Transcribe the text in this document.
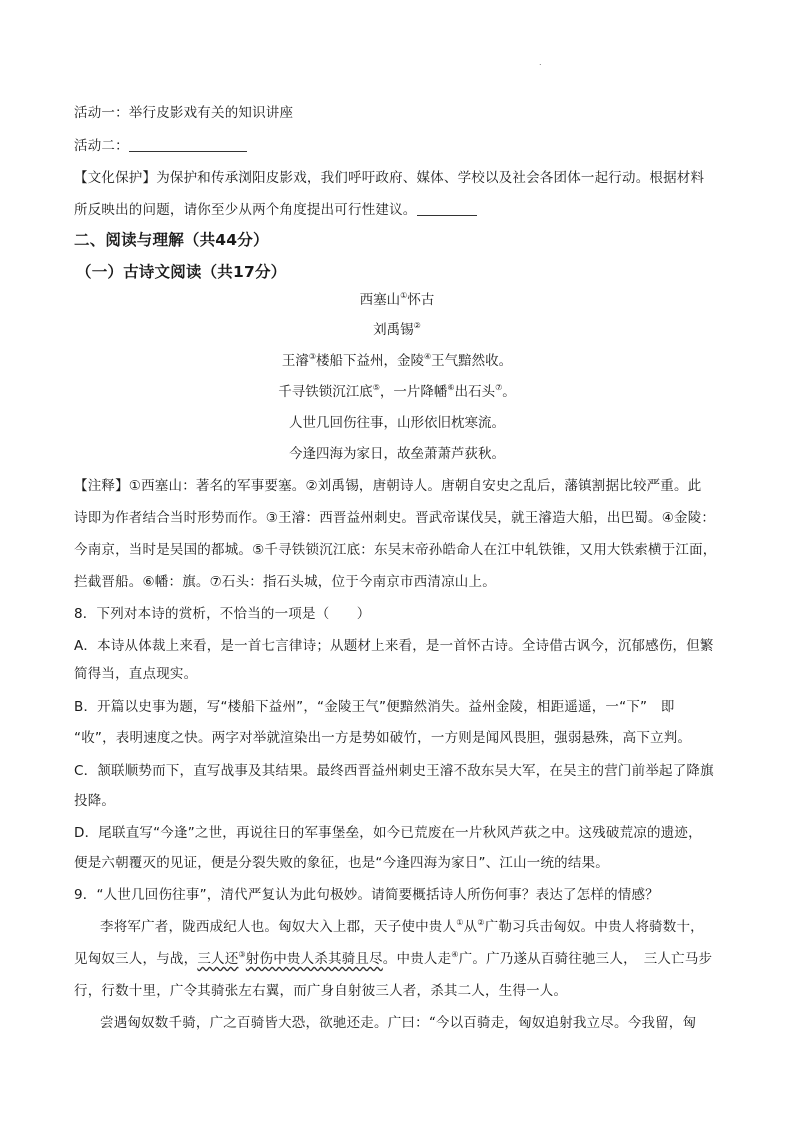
.
活动一：举行皮影戏有关的知识讲座
活动二：
【文化保护】为保护和传承浏阳皮影戏，我们呼吁政府、媒体、学校以及社会各团体一起行动。根据材料
所反映出的问题，请你至少从两个角度提出可行性建议。
二、阅读与理解（共44分）
（一）古诗文阅读（共17分）
西塞山①怀古
刘禹锡②
王濬③楼船下益州，金陵④王气黯然收。
千寻铁锁沉江底⑤，一片降幡⑥出石头⑦。
人世几回伤往事，山形依旧枕寒流。
今逢四海为家日，故垒萧萧芦荻秋。
【注释】①西塞山：著名的军事要塞。②刘禹锡，唐朝诗人。唐朝自安史之乱后，藩镇割据比较严重。此
诗即为作者结合当时形势而作。③王濬：西晋益州刺史。晋武帝谋伐吴，就王濬造大船，出巴蜀。④金陵：
今南京，当时是吴国的都城。⑤千寻铁锁沉江底：东吴末帝孙皓命人在江中轧铁锥，又用大铁索横于江面，
拦截晋船。⑥幡：旗。⑦石头：指石头城，位于今南京市西清凉山上。
8．下列对本诗的赏析，不恰当的一项是（　　）
A．本诗从体裁上来看，是一首七言律诗；从题材上来看，是一首怀古诗。全诗借古讽今，沉郁感伤，但繁
简得当，直点现实。
B．开篇以史事为题，写“楼船下益州”，“金陵王气”便黯然消失。益州金陵，相距遥遥，一“下”　即
“收”，表明速度之快。两字对举就渲染出一方是势如破竹，一方则是闻风畏胆，强弱悬殊，高下立判。
C．颔联顺势而下，直写战事及其结果。最终西晋益州刺史王濬不敌东吴大军，在吴主的营门前举起了降旗
投降。
D．尾联直写“今逢”之世，再说往日的军事堡垒，如今已荒废在一片秋风芦荻之中。这残破荒凉的遗迹，
便是六朝覆灭的见证，便是分裂失败的象征，也是“今逢四海为家日”、江山一统的结果。
9．“人世几回伤往事”，清代严复认为此句极妙。请简要概括诗人所伤何事？表达了怎样的情感？
李将军广者，陇西成纪人也。匈奴大入上郡，天子使中贵人①从②广勒习兵击匈奴。中贵人将骑数十，
见匈奴三人，与战，三人还③射伤中贵人杀其骑且尽。中贵人走④广。广乃遂从百骑往驰三人，　三人亡马步
行，行数十里，广令其骑张左右翼，而广身自射彼三人者，杀其二人，生得一人。
尝遇匈奴数千骑，广之百骑皆大恐，欲驰还走。广曰：“今以百骑走，匈奴追射我立尽。今我留，匈
